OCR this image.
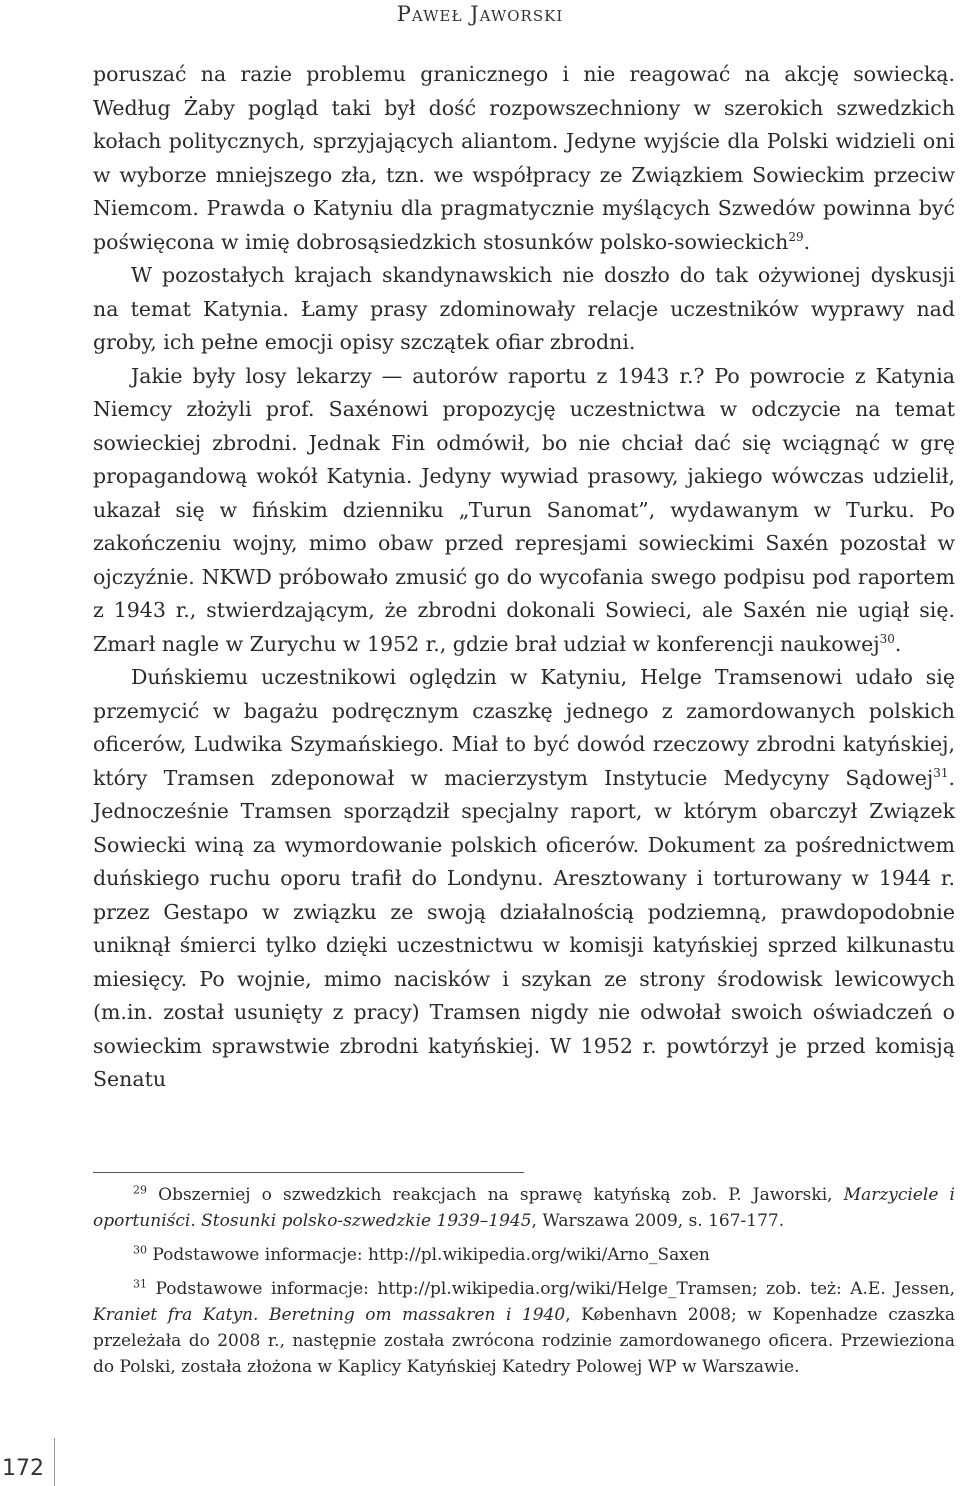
Paweł Jaworski

poruszać na razie problemu granicznego i nie reagować na akcję sowiecką. Według Żaby pogląd taki był dość rozpowszechniony w szerokich szwedzkich kołach politycznych, sprzyjających aliantom. Jedyne wyjście dla Polski widzieli oni w wyborze mniejszego zła, tzn. we współpracy ze Związkiem Sowieckim przeciw Niemcom. Prawda o Katyniu dla pragmatycznie myślących Szwedów powinna być poświęcona w imię dobrosąsiedzkich stosunków polsko-sowieckich$^{29}$.

W pozostałych krajach skandynawskich nie doszło do tak ożywionej dyskusji na temat Katynia. Łamy prasy zdominowały relacje uczestników wyprawy nad groby, ich pełne emocji opisy szczątek ofiar zbrodni.

Jakie były losy lekarzy — autorów raportu z 1943 r.? Po powrocie z Katynia Niemcy złożyli prof. Saxénowi propozycję uczestnictwa w odczycie na temat sowieckiej zbrodni. Jednak Fin odmówił, bo nie chciał dać się wciągnąć w grę propagandową wokół Katynia. Jedyny wywiad prasowy, jakiego wówczas udzielił, ukazał się w fińskim dzienniku „Turun Sanomat”, wydawanym w Turku. Po zakończeniu wojny, mimo obaw przed represjami sowieckimi Saxén pozostał w ojczyźnie. NKWD próbowało zmusić go do wycofania swego podpisu pod raportem z 1943 r., stwierdzającym, że zbrodni dokonali Sowieci, ale Saxén nie ugiął się. Zmarł nagle w Zurychu w 1952 r., gdzie brał udział w konferencji naukowej$^{30}$.

Duńskiemu uczestnikowi oględzin w Katyniu, Helge Tramsenowi udało się przemycić w bagażu podręcznym czaszkę jednego z zamordowanych polskich oficerów, Ludwika Szymańskiego. Miał to być dowód rzeczowy zbrodni katyńskiej, który Tramsen zdeponował w macierzystym Instytucie Medycyny Sądowej$^{31}$. Jednocześnie Tramsen sporządził specjalny raport, w którym obarczył Związek Sowiecki winą za wymordowanie polskich oficerów. Dokument za pośrednictwem duńskiego ruchu oporu trafił do Londynu. Aresztowany i torturowany w 1944 r. przez Gestapo w związku ze swoją działalnością podziemną, prawdopodobnie uniknął śmierci tylko dzięki uczestnictwu w komisji katyńskiej sprzed kilkunastu miesięcy. Po wojnie, mimo nacisków i szykan ze strony środowisk lewicowych (m.in. został usunięty z pracy) Tramsen nigdy nie odwołał swoich oświadczeń o sowieckim sprawstwie zbrodni katyńskiej. W 1952 r. powtórzył je przed komisją Senatu

$^{29}$ Obszerniej o szwedzkich reakcjach na sprawę katyńską zob. P. Jaworski, Marzyciele i oportuniści. Stosunki polsko-szwedzkie 1939–1945, Warszawa 2009, s. 167-177.

$^{30}$ Podstawowe informacje: http://pl.wikipedia.org/wiki/Arno_Saxen

$^{31}$ Podstawowe informacje: http://pl.wikipedia.org/wiki/Helge_Tramsen; zob. też: A.E. Jessen, Kraniet fra Katyn. Beretning om massakren i 1940, København 2008; w Kopenhadze czaszka przeleżała do 2008 r., następnie została zwrócona rodzinie zamordowanego oficera. Przewieziona do Polski, została złożona w Kaplicy Katyńskiej Katedry Polowej WP w Warszawie.

172
